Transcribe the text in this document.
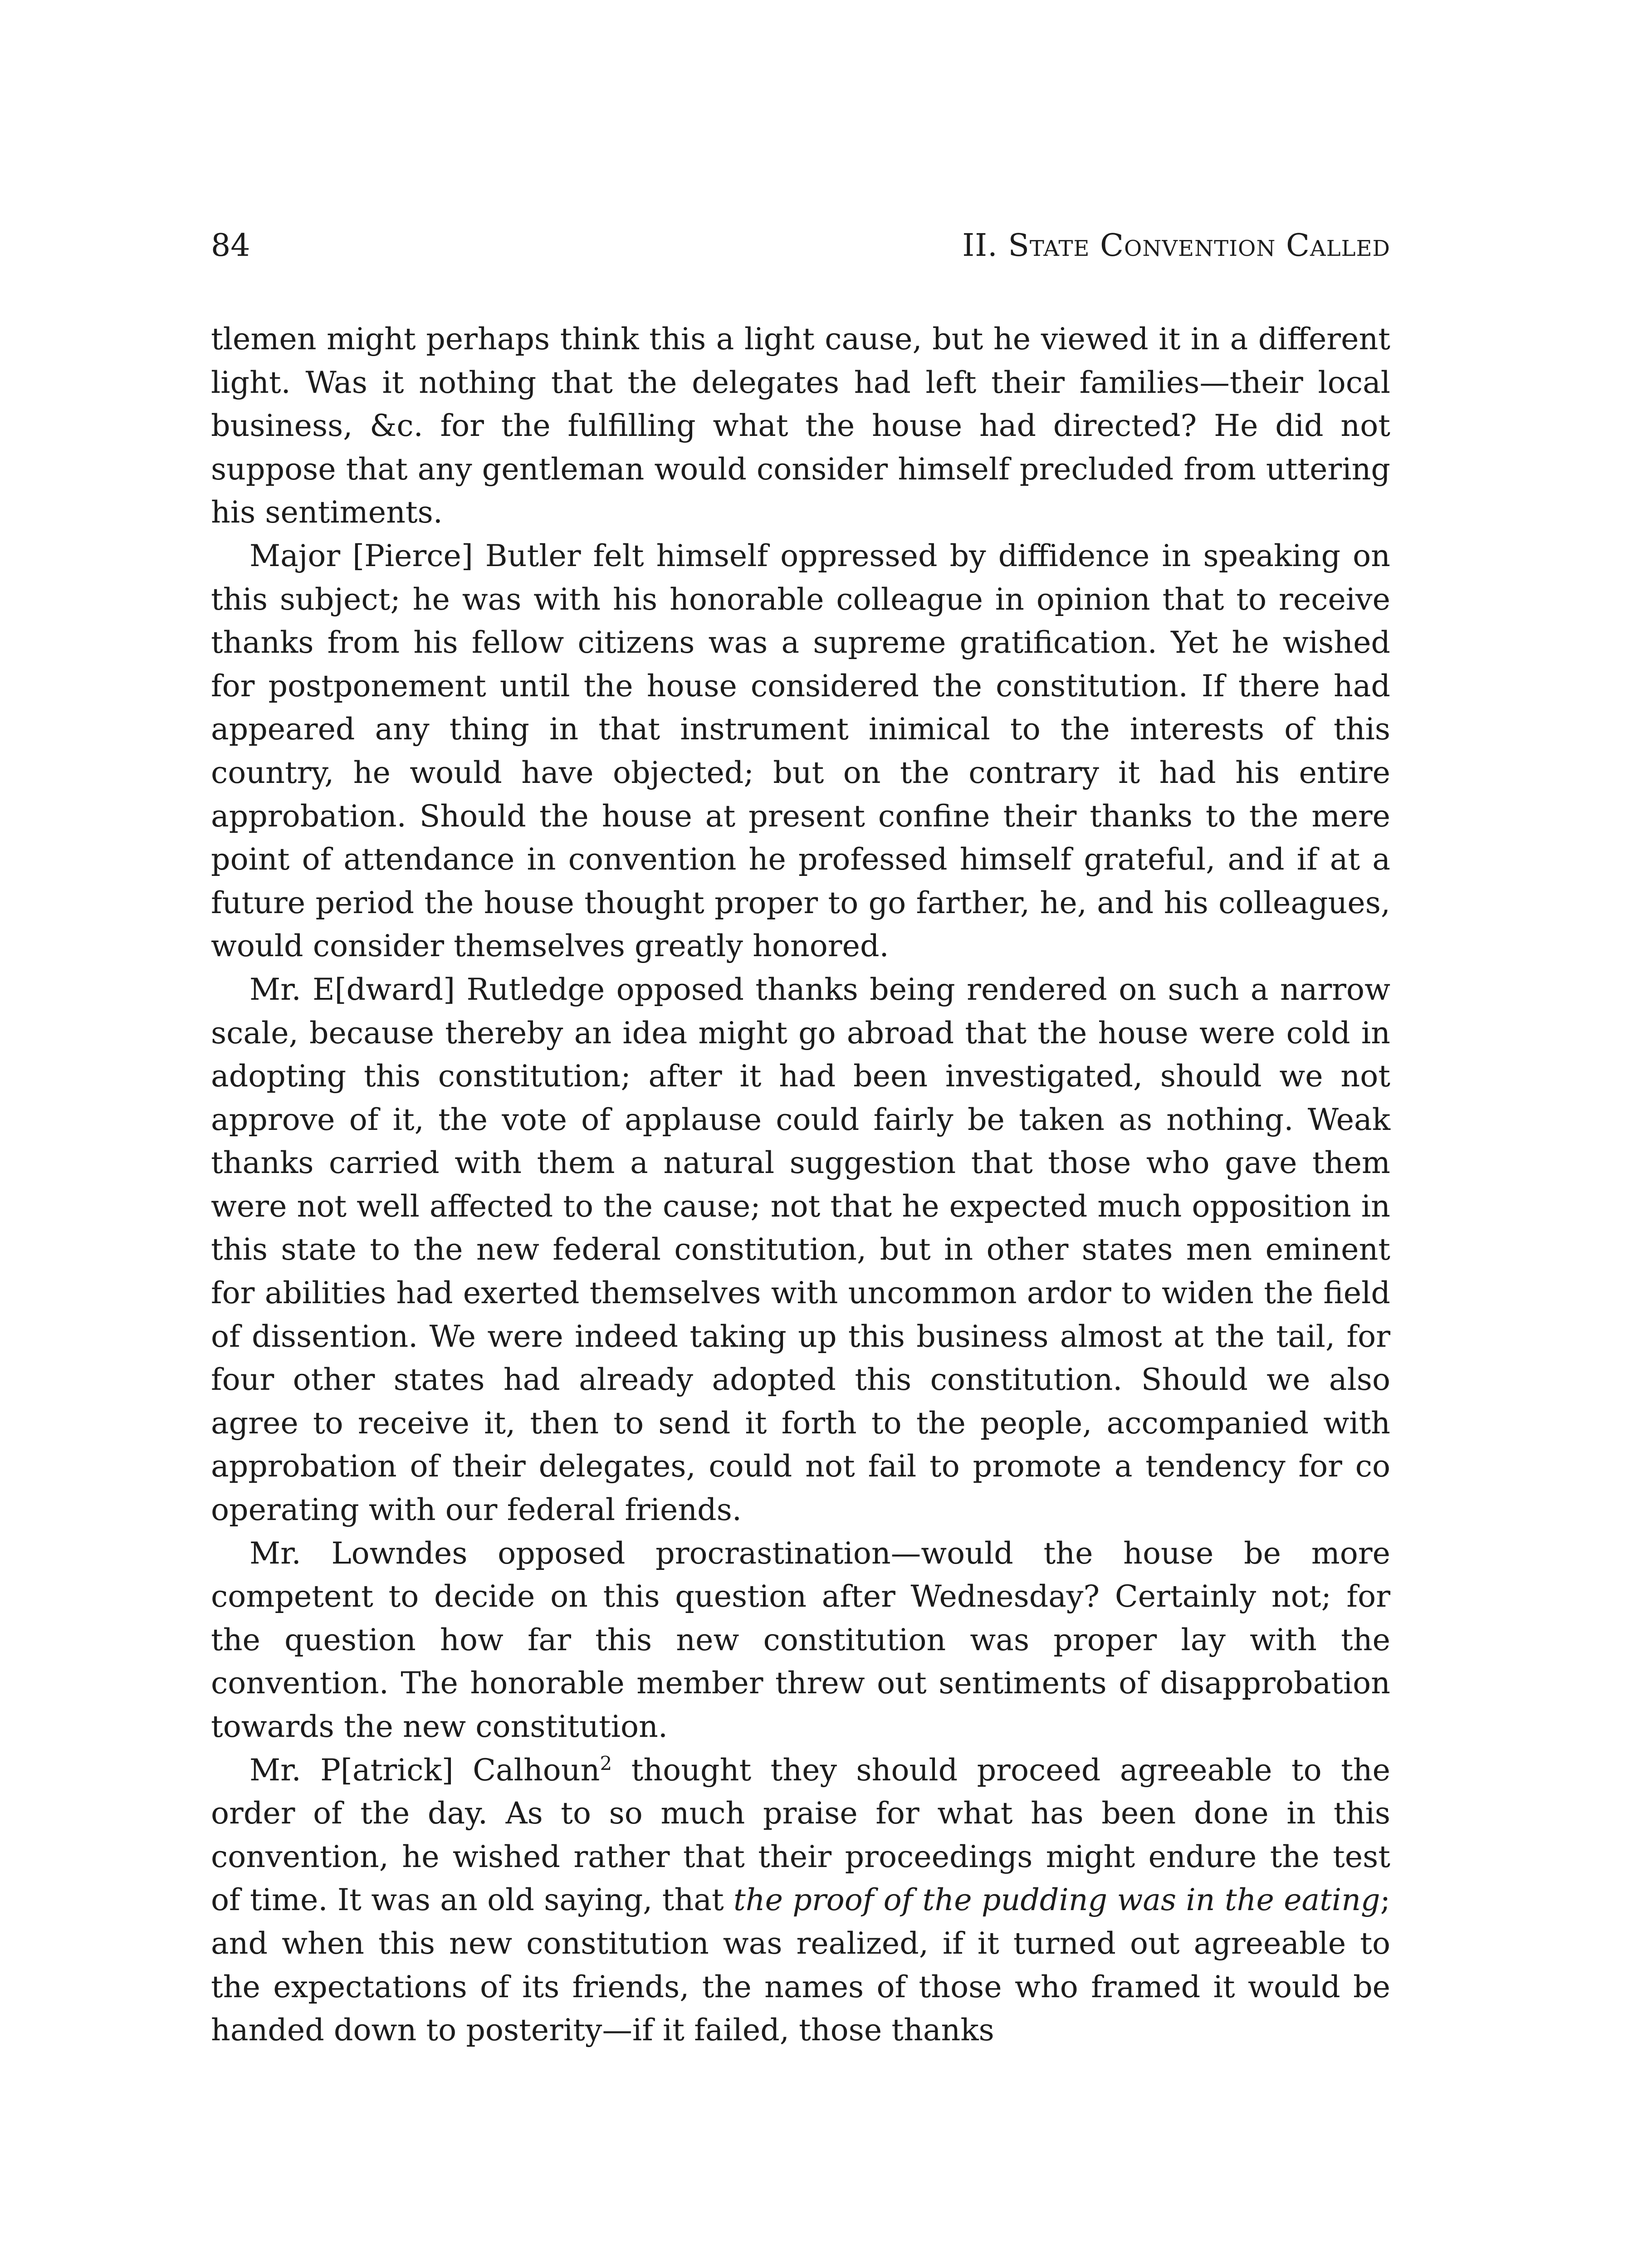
84	II. State Convention Called

tlemen might perhaps think this a light cause, but he viewed it in a different light. Was it nothing that the delegates had left their families—their local business, &c. for the fulfilling what the house had directed? He did not suppose that any gentleman would consider himself precluded from uttering his sentiments.

Major [Pierce] Butler felt himself oppressed by diffidence in speaking on this subject; he was with his honorable colleague in opinion that to receive thanks from his fellow citizens was a supreme gratification. Yet he wished for postponement until the house considered the constitution. If there had appeared any thing in that instrument inimical to the interests of this country, he would have objected; but on the contrary it had his entire approbation. Should the house at present confine their thanks to the mere point of attendance in convention he professed himself grateful, and if at a future period the house thought proper to go farther, he, and his colleagues, would consider themselves greatly honored.

Mr. E[dward] Rutledge opposed thanks being rendered on such a narrow scale, because thereby an idea might go abroad that the house were cold in adopting this constitution; after it had been investigated, should we not approve of it, the vote of applause could fairly be taken as nothing. Weak thanks carried with them a natural suggestion that those who gave them were not well affected to the cause; not that he expected much opposition in this state to the new federal constitution, but in other states men eminent for abilities had exerted themselves with uncommon ardor to widen the field of dissention. We were indeed taking up this business almost at the tail, for four other states had already adopted this constitution. Should we also agree to receive it, then to send it forth to the people, accompanied with approbation of their delegates, could not fail to promote a tendency for co operating with our federal friends.

Mr. Lowndes opposed procrastination—would the house be more competent to decide on this question after Wednesday? Certainly not; for the question how far this new constitution was proper lay with the convention. The honorable member threw out sentiments of disapprobation towards the new constitution.

Mr. P[atrick] Calhoun$^2$ thought they should proceed agreeable to the order of the day. As to so much praise for what has been done in this convention, he wished rather that their proceedings might endure the test of time. It was an old saying, that the proof of the pudding was in the eating; and when this new constitution was realized, if it turned out agreeable to the expectations of its friends, the names of those who framed it would be handed down to posterity—if it failed, those thanks
